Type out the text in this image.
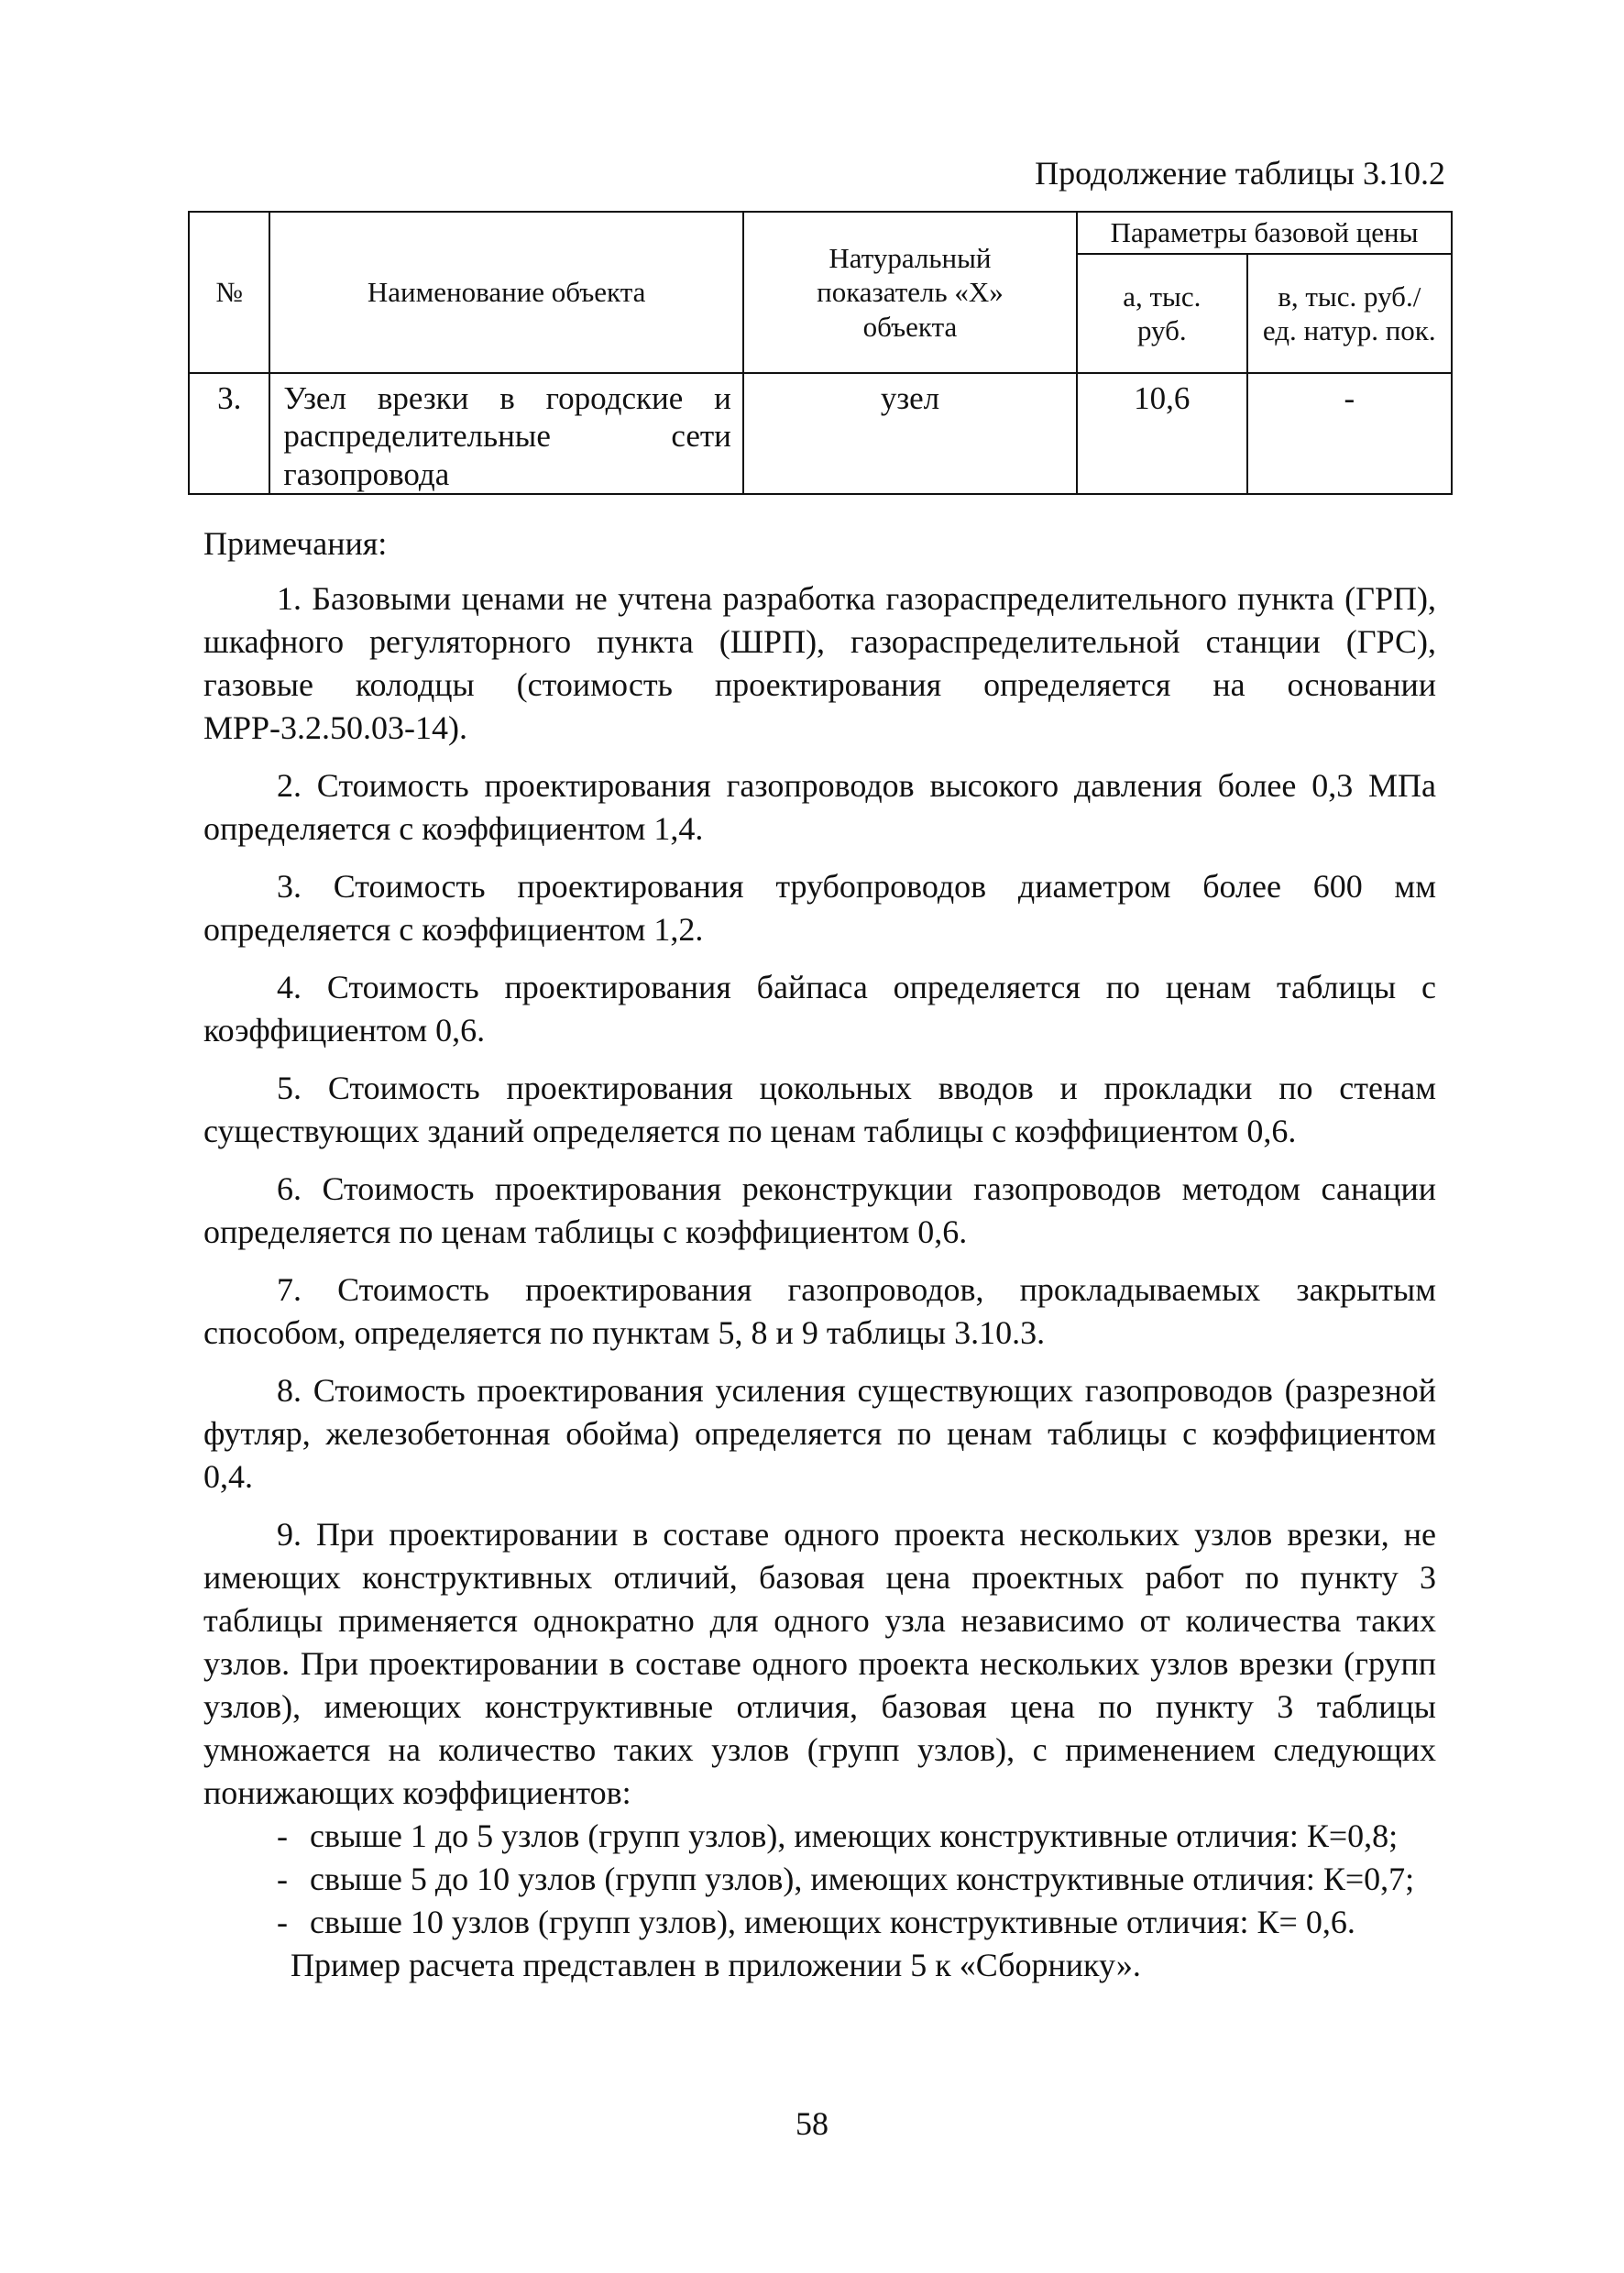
Продолжение таблицы 3.10.2
№	Наименование объекта	Натуральный показатель «Х» объекта	Параметры базовой цены	

			а, тыс. руб.	в, тыс. руб./ ед. натур. пок.

3.	Узел врезки в городские и распределительные сети газопровода	узел	10,6	-
Примечания:

1. Базовыми ценами не учтена разработка газораспределительного пункта (ГРП), шкафного регуляторного пункта (ШРП), газораспределительной станции (ГРС), газовые колодцы (стоимость проектирования определяется на основании МРР-3.2.50.03-14).

2. Стоимость проектирования газопроводов высокого давления более 0,3 МПа определяется с коэффициентом 1,4.

3. Стоимость проектирования трубопроводов диаметром более 600 мм определяется с коэффициентом 1,2.

4. Стоимость проектирования байпаса определяется по ценам таблицы с коэффициентом 0,6.

5. Стоимость проектирования цокольных вводов и прокладки по стенам существующих зданий определяется по ценам таблицы с коэффициентом 0,6.

6. Стоимость проектирования реконструкции газопроводов методом санации определяется по ценам таблицы с коэффициентом 0,6.

7. Стоимость проектирования газопроводов, прокладываемых закрытым способом, определяется по пунктам 5, 8 и 9 таблицы 3.10.3.

8. Стоимость проектирования усиления существующих газопроводов (разрезной футляр, железобетонная обойма) определяется по ценам таблицы с коэффициентом 0,4.

9. При проектировании в составе одного проекта нескольких узлов врезки, не имеющих конструктивных отличий, базовая цена проектных работ по пункту 3 таблицы применяется однократно для одного узла независимо от количества таких узлов. При проектировании в составе одного проекта нескольких узлов врезки (групп узлов), имеющих конструктивные отличия, базовая цена по пункту 3 таблицы умножается на количество таких узлов (групп узлов), с применением следующих понижающих коэффициентов:

- свыше 1 до 5 узлов (групп узлов), имеющих конструктивные отличия: К=0,8;
- свыше 5 до 10 узлов (групп узлов), имеющих конструктивные отличия: К=0,7;
- свыше 10 узлов (групп узлов), имеющих конструктивные отличия: К= 0,6.

Пример расчета представлен в приложении 5 к «Сборнику».

58
